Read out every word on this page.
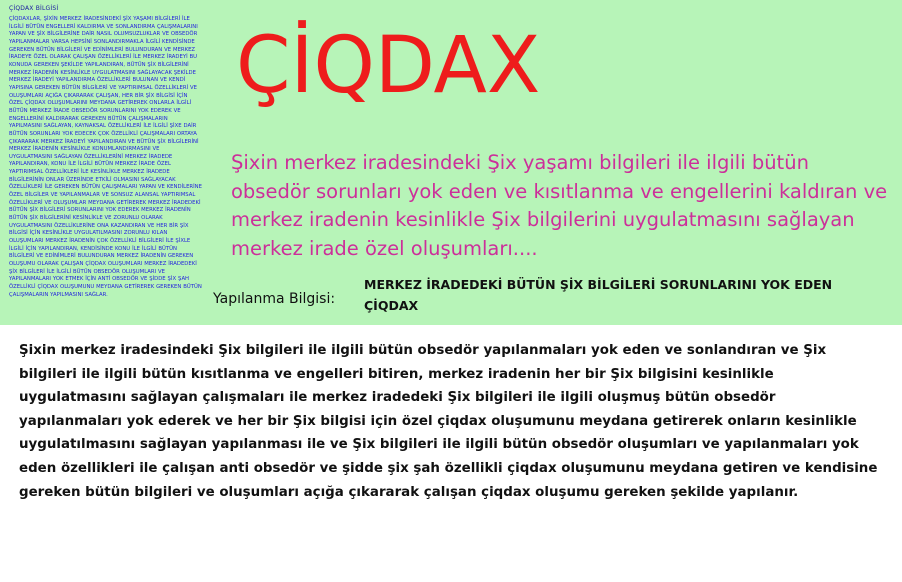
ÇİQDAX BİLGİSİ
ÇİQDAXLAR, ŞİXİN MERKEZ İRADESİNDEKİ ŞİX YAŞAMI BİLGİLERİ İLE İLGİLİ BÜTÜN ENGELLERİ KALDIRMA VE SONLANDIRMA ÇALIŞMALARINI YAPAN VE ŞİX BİLGİLERİNE DAİR NASIL OLUMSUZLUKLAR VE OBSEDÖR YAPILANMALAR VARSA HEPSİNİ SONLANDIRMAKLA İLGİLİ KENDİSİNDE GEREKEN BÜTÜN BİLGİLERİ VE EDİNİMLERİ BULUNDURAN VE MERKEZ İRADEYE ÖZEL OLARAK ÇALIŞAN ÖZELLİKLERİ İLE MERKEZ İRADEYİ BU KONUDA GEREKEN ŞEKİLDE YAPILANDIRAN, BÜTÜN ŞİX BİLGİLERİNİ MERKEZ İRADENİN KESİNLİKLE UYGULATMASINI SAĞLAYACAK ŞEKİLDE MERKEZ İRADEYİ YAPILANDIRMA ÖZELLİKLERİ BULUNAN VE KENDİ YAPISINA GEREKEN BÜTÜN BİLGİLERİ VE YAPTIRIMSAL ÖZELLİKLERİ VE OLUŞUMLARI AÇIĞA ÇIKARARAK ÇALIŞAN, HER BİR ŞİX BİLGİSİ İÇİN ÖZEL ÇİQDAX OLUŞUMLARINI MEYDANA GETİREREK ONLARLA İLGİLİ BÜTÜN MERKEZ İRADE OBSEDÖR SORUNLARINI YOK EDEREK VE ENGELLERİNİ KALDIRARAK GEREKEN BÜTÜN ÇALIŞMALARIN YAPILMASINI SAĞLAYAN, KAYNAKSAL ÖZELLİKLERİ İLE İLGİLİ ŞİXE DAİR BÜTÜN SORUNLARI YOK EDECEK ÇOK ÖZELLİKLİ ÇALIŞMALARI ORTAYA ÇIKARARAK MERKEZ İRADEYİ YAPILANDIRAN VE BÜTÜN ŞİX BİLGİLERİNİ MERKEZ İRADENİN KESİNLİKLE KONUMLANDIRMASINI VE UYGULATMASINI SAĞLAYAN ÖZELLİKLERİNİ MERKEZ İRADEDE YAPILANDIRAN, KONU İLE İLGİLİ BÜTÜN MERKEZ İRADE ÖZEL YAPTIRIMSAL ÖZELLİKLERİ İLE KESİNLİKLE MERKEZ İRADEDE BİLGİLERİNİN ONLAR ÜZERİNDE ETKİLİ OLMASINI SAĞLAYACAK ÖZELLİKLERİ İLE GEREKEN BÜTÜN ÇALIŞMALARI YAPAN VE KENDİLERİNE ÖZEL BİLGİLER VE YAPILANMALAR VE SONSUZ ALANSAL YAPTIRIMSAL ÖZELLİKLERİ VE OLUŞUMLAR MEYDANA GETİREREK MERKEZ İRADEDEKİ BÜTÜN ŞİX BİLGİLERİ SORUNLARINI YOK EDEREK MERKEZ İRADENİN BÜTÜN ŞİX BİLGİLERİNİ KESİNLİKLE VE ZORUNLU OLARAK UYGULATMASINI ÖZELLİKLERİNE ONA KAZANDIRAN VE HER BİR ŞİX BİLGİSİ İÇİN KESİNLİKLE UYGULATILMASINI ZORUNLU KILAN OLUŞUMLARI MERKEZ İRADENİN ÇOK ÖZELLİKLİ BİLGİLERİ İLE ŞİXLE İLGİLİ İÇİN YAPILANDIRAN, KENDİSİNDE KONU İLE İLGİLİ BÜTÜN BİLGİLERİ VE EDİNİMLERİ BULUNDURAN MERKEZ İRADENİN GEREKEN OLUŞUMU OLARAK ÇALIŞAN ÇİQDAX OLUŞUMLARI MERKEZ İRADEDEKİ ŞİX BİLGİLERİ İLE İLGİLİ BÜTÜN OBSEDÖR OLUŞUMLARI VE YAPILANMALARI YOK ETMEK İÇİN ANTİ OBSEDÖR VE ŞİDDE ŞİX ŞAH ÖZELLİKLİ ÇİQDAX OLUŞUMUNU MEYDANA GETİREREK GEREKEN BÜTÜN ÇALIŞMALARIN YAPILMASINI SAĞLAR.
ÇİQDAX
Şixin merkez iradesindeki Şix yaşamı bilgileri ile ilgili bütün obsedör sorunları yok eden ve kısıtlanma ve engellerini kaldıran ve merkez iradenin kesinlikle Şix bilgilerini uygulatmasını sağlayan merkez irade özel oluşumları....
Yapılanma Bilgisi:
MERKEZ İRADEDEKİ BÜTÜN ŞİX BİLGİLERİ SORUNLARINI YOK EDEN ÇİQDAX
Şixin merkez iradesindeki Şix bilgileri ile ilgili bütün obsedör yapılanmaları yok eden ve sonlandıran ve Şix bilgileri ile ilgili bütün kısıtlanma ve engelleri bitiren, merkez iradenin her bir Şix bilgisini kesinlikle uygulatmasını sağlayan çalışmaları ile merkez iradedeki Şix bilgileri ile ilgili oluşmuş bütün obsedör yapılanmaları yok ederek ve her bir Şix bilgisi için özel çiqdax oluşumunu meydana getirerek onların kesinlikle uygulatılmasını sağlayan yapılanması ile ve Şix bilgileri ile ilgili bütün obsedör oluşumları ve yapılanmaları yok eden özellikleri ile çalışan anti obsedör ve şidde şix şah özellikli çiqdax oluşumunu meydana getiren ve kendisine gereken bütün bilgileri ve oluşumları açığa çıkararak çalışan çiqdax oluşumu gereken şekilde yapılanır.
